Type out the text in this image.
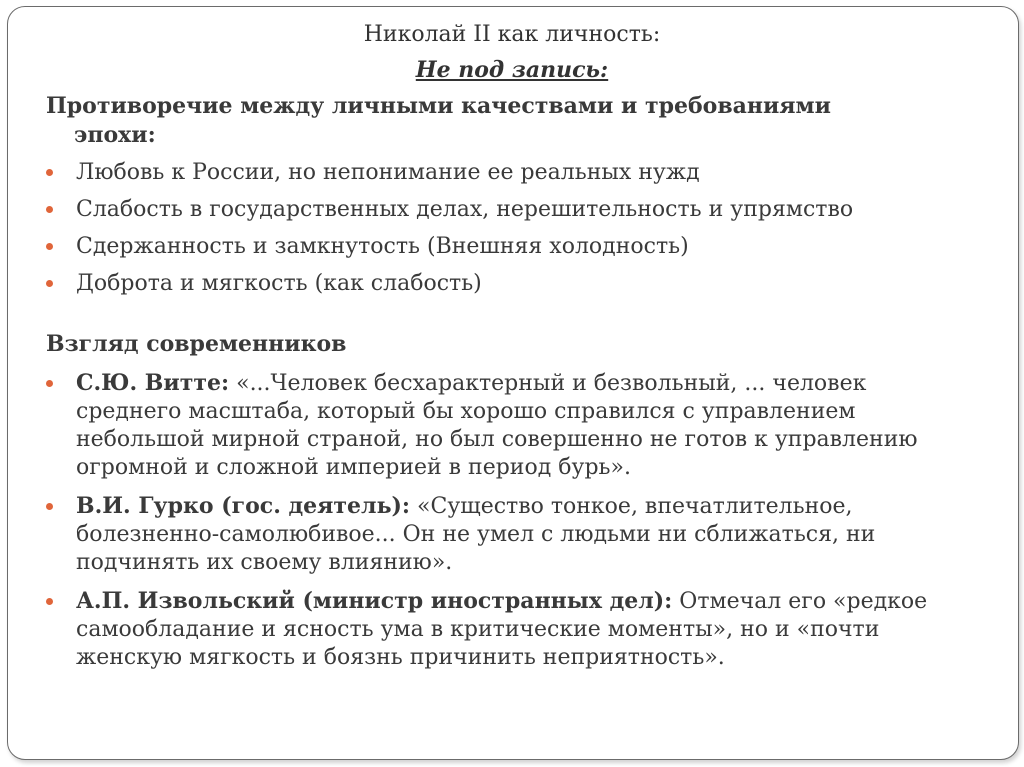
Николай II как личность:
Не под запись:

Противоречие между личными качествами и требованиями
эпохи:

Любовь к России, но непонимание ее реальных нужд
Слабость в государственных делах, нерешительность и упрямство
Сдержанность и замкнутость (Внешняя холодность)
Доброта и мягкость (как слабость)

Взгляд современников

С.Ю. Витте: «...Человек бесхарактерный и безвольный, ... человек среднего масштаба, который бы хорошо справился с управлением небольшой мирной страной, но был совершенно не готов к управлению огромной и сложной империей в период бурь».
В.И. Гурко (гос. деятель): «Существо тонкое, впечатлительное, болезненно-самолюбивое... Он не умел с людьми ни сближаться, ни подчинять их своему влиянию».
А.П. Извольский (министр иностранных дел): Отмечал его «редкое самообладание и ясность ума в критические моменты», но и «почти женскую мягкость и боязнь причинить неприятность».
